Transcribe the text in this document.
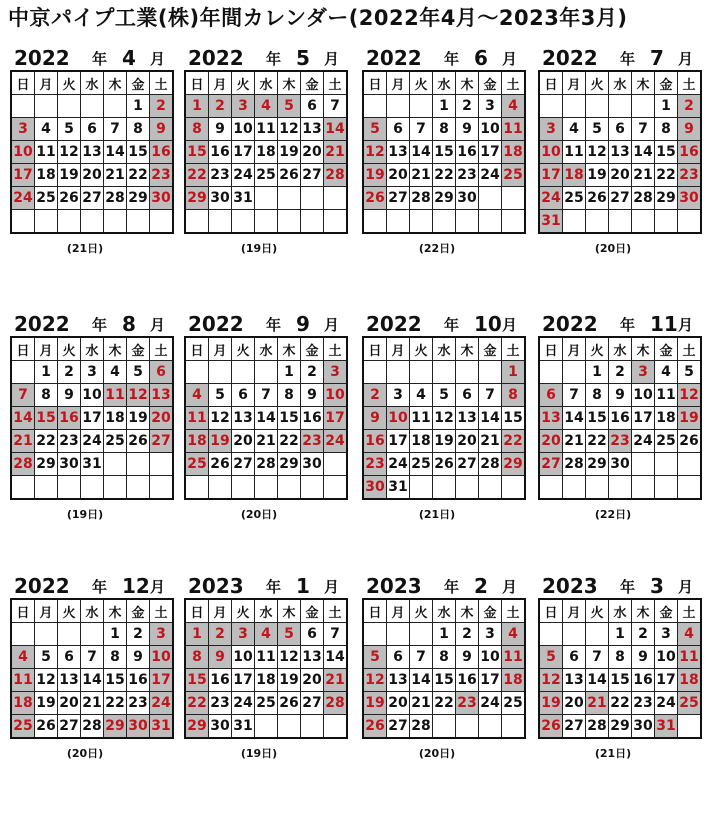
中京パイプ工業(株)年間カレンダー(2022年4月～2023年3月)
2022 年 4 月
日	月	火	水	木	金	土
					1	2
3	4	5	6	7	8	9
10	11	12	13	14	15	16
17	18	19	20	21	22	23
24	25	26	27	28	29	30

(21日)
2022 年 5 月
日	月	火	水	木	金	土
1	2	3	4	5	6	7
8	9	10	11	12	13	14
15	16	17	18	19	20	21
22	23	24	25	26	27	28
29	30	31				

(19日)
2022 年 6 月
日	月	火	水	木	金	土
			1	2	3	4
5	6	7	8	9	10	11
12	13	14	15	16	17	18
19	20	21	22	23	24	25
26	27	28	29	30		

(22日)
2022 年 7 月
日	月	火	水	木	金	土
					1	2
3	4	5	6	7	8	9
10	11	12	13	14	15	16
17	18	19	20	21	22	23
24	25	26	27	28	29	30
31						
(20日)
2022 年 8 月
日	月	火	水	木	金	土
	1	2	3	4	5	6
7	8	9	10	11	12	13
14	15	16	17	18	19	20
21	22	23	24	25	26	27
28	29	30	31			

(19日)
2022 年 9 月
日	月	火	水	木	金	土
				1	2	3
4	5	6	7	8	9	10
11	12	13	14	15	16	17
18	19	20	21	22	23	24
25	26	27	28	29	30	

(20日)
2022 年 10 月
日	月	火	水	木	金	土
						1
2	3	4	5	6	7	8
9	10	11	12	13	14	15
16	17	18	19	20	21	22
23	24	25	26	27	28	29
30	31					
(21日)
2022 年 11 月
日	月	火	水	木	金	土
		1	2	3	4	5
6	7	8	9	10	11	12
13	14	15	16	17	18	19
20	21	22	23	24	25	26
27	28	29	30			

(22日)
2022 年 12 月
日	月	火	水	木	金	土
				1	2	3
4	5	6	7	8	9	10
11	12	13	14	15	16	17
18	19	20	21	22	23	24
25	26	27	28	29	30	31
(20日)
2023 年 1 月
日	月	火	水	木	金	土
1	2	3	4	5	6	7
8	9	10	11	12	13	14
15	16	17	18	19	20	21
22	23	24	25	26	27	28
29	30	31				
(19日)
2023 年 2 月
日	月	火	水	木	金	土
			1	2	3	4
5	6	7	8	9	10	11
12	13	14	15	16	17	18
19	20	21	22	23	24	25
26	27	28				
(20日)
2023 年 3 月
日	月	火	水	木	金	土
			1	2	3	4
5	6	7	8	9	10	11
12	13	14	15	16	17	18
19	20	21	22	23	24	25
26	27	28	29	30	31	
(21日)
